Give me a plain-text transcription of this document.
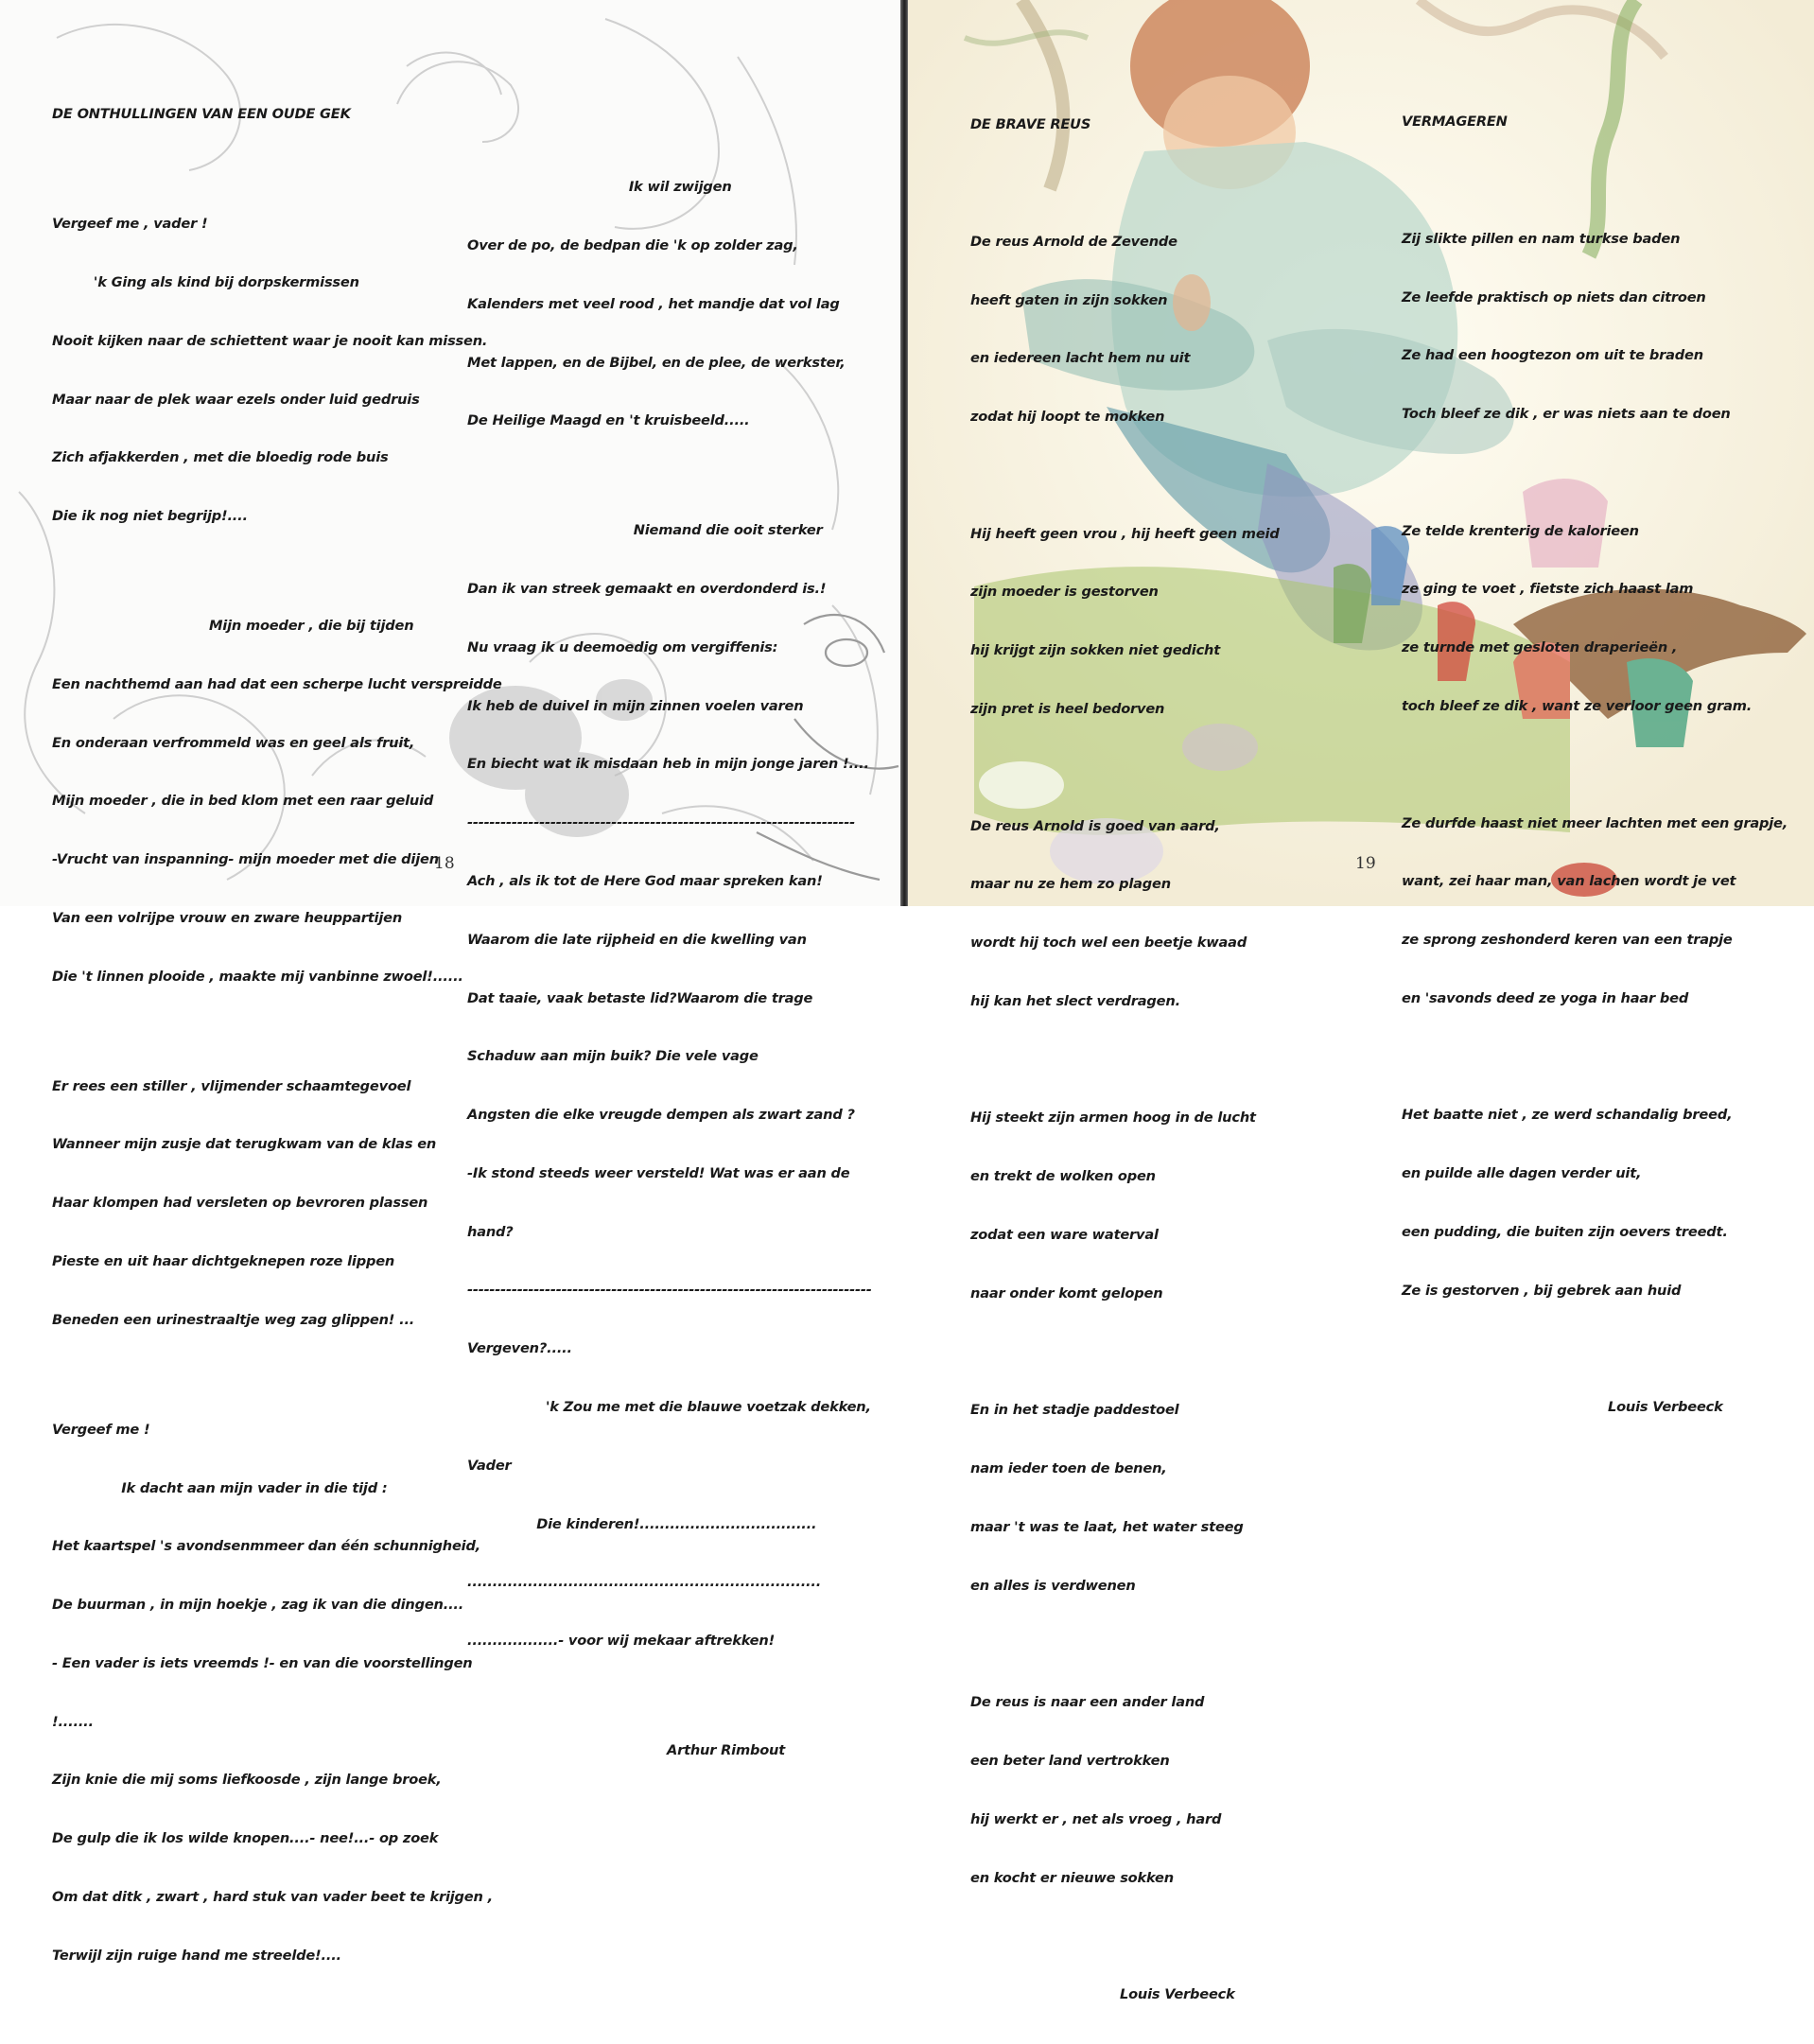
DE ONTHULLINGEN VAN EEN OUDE GEK

Vergeef me , vader !

'k Ging als kind bij dorpskermissen

Nooit kijken naar de schiettent waar je nooit kan missen.

Maar naar de plek waar ezels onder luid gedruis

Zich afjakkerden , met die bloedig rode buis

Die ik nog niet begrijp!....

Mijn moeder , die bij tijden

Een nachthemd aan had dat een scherpe lucht verspreidde

En onderaan verfrommeld was en geel als fruit,

Mijn moeder , die in bed klom met een raar geluid

-Vrucht van inspanning- mijn moeder met die dijen

Van een volrijpe vrouw en zware heuppartijen

Die 't linnen plooide , maakte mij vanbinne zwoel!......

Er rees een stiller , vlijmender schaamtegevoel

Wanneer mijn zusje dat terugkwam van de klas en

Haar klompen had versleten op bevroren plassen

Pieste en uit haar dichtgeknepen roze lippen

Beneden een urinestraaltje weg zag glippen! ...

Vergeef me !

Ik dacht aan mijn vader in die tijd :

Het kaartspel 's avondsenmmeer dan één schunnigheid,

De buurman , in mijn hoekje , zag ik van die dingen....

- Een vader is iets vreemds !- en van die voorstellingen

!.......

Zijn knie die mij soms liefkoosde , zijn lange broek,

De gulp die ik los wilde knopen....- nee!...- op zoek

Om dat ditk , zwart , hard stuk van vader beet te krijgen ,

Terwijl zijn ruige hand me streelde!....

Ik wil zwijgen

Over de po, de bedpan die 'k op zolder zag,

Kalenders met veel rood , het mandje dat vol lag

Met lappen, en de Bijbel, en de plee, de werkster,

De Heilige Maagd en 't kruisbeeld.....

Niemand die ooit sterker

Dan ik van streek gemaakt en overdonderd is.!

Nu vraag ik u deemoedig om vergiffenis:

Ik heb de duivel in mijn zinnen voelen varen

En biecht wat ik misdaan heb in mijn jonge jaren !....

----------------------------------------------------------------------

Ach , als ik tot de Here God maar spreken kan!

Waarom die late rijpheid en die kwelling van

Dat taaie, vaak betaste lid?Waarom die trage

Schaduw aan mijn buik? Die vele vage

Angsten die elke vreugde dempen als zwart zand ?

-Ik stond steeds weer versteld! Wat was er aan de

hand?

-------------------------------------------------------------------------

Vergeven?.....

'k Zou me met die blauwe voetzak dekken,

Vader

Die kinderen!...................................

......................................................................

..................- voor wij mekaar aftrekken!

Arthur Rimbout

18

DE BRAVE REUS

De reus Arnold de Zevende

heeft gaten in zijn sokken

en iedereen lacht hem nu uit

zodat hij loopt te mokken

Hij heeft geen vrou , hij heeft geen meid

zijn moeder is gestorven

hij krijgt zijn sokken niet gedicht

zijn pret is heel bedorven

De reus Arnold is goed van aard,

maar nu ze hem zo plagen

wordt hij toch wel een beetje kwaad

hij kan het slect verdragen.

Hij steekt zijn armen hoog in de lucht

en trekt de wolken open

zodat een ware waterval

naar onder komt gelopen

En in het stadje paddestoel

nam ieder toen de benen,

maar 't was te laat, het water steeg

en alles is verdwenen

De reus is naar een ander land

een beter land vertrokken

hij werkt er , net als vroeg , hard

en kocht er nieuwe sokken

Louis Verbeeck

VERMAGEREN

Zij slikte pillen en nam turkse baden

Ze leefde praktisch op niets dan citroen

Ze had een hoogtezon om uit te braden

Toch bleef ze dik , er was niets aan te doen

Ze telde krenterig de kalorieen

ze ging te voet , fietste zich haast lam

ze turnde met gesloten draperieën ,

toch bleef ze dik , want ze verloor geen gram.

Ze durfde haast niet meer lachten met een grapje,

want, zei haar man, van lachen wordt je vet

ze sprong zeshonderd keren van een trapje

en 'savonds deed ze yoga in haar bed

Het baatte niet , ze werd schandalig breed,

en puilde alle dagen verder uit,

een pudding, die buiten zijn oevers treedt.

Ze is gestorven , bij gebrek aan huid

Louis Verbeeck

19
